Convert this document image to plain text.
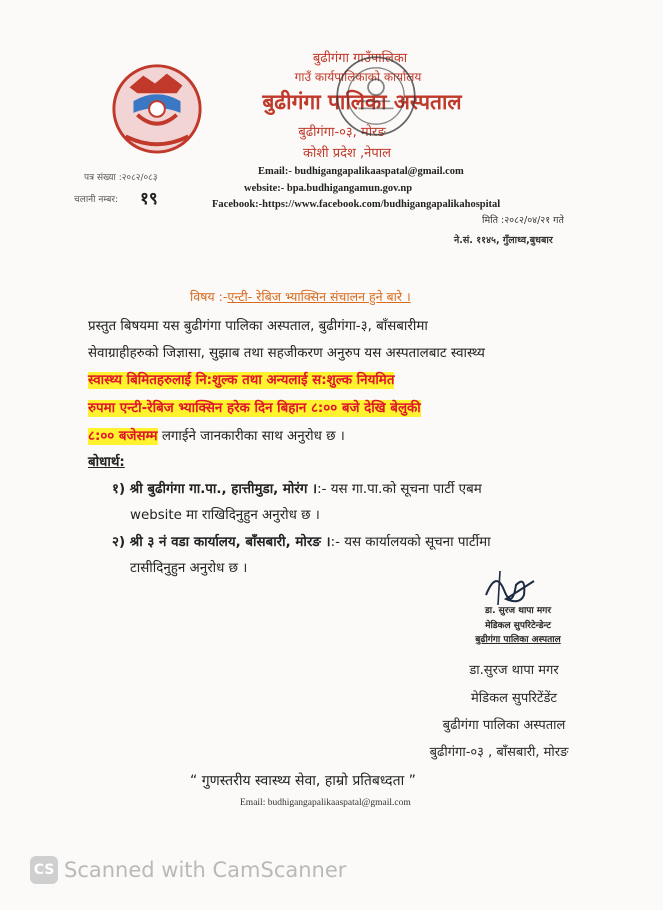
बुढीगंगा गाउँपालिका
गाउँ कार्यपालिकाको कार्यालय
बुढीगंगा पालिका अस्पताल
बुढीगंगा-०३, मोरङ
कोशी प्रदेश ,नेपाल
पत्र संख्या :२०८२/०८३
चलानी नम्बर: १९
Email:- budhigangapalikaaspatal@gmail.com
website:- bpa.budhigangamun.gov.np
Facebook:-https://www.facebook.com/budhigangapalikahospital
मिति :२०८२/०४/२१ गते
ने.सं. ११४५, गुँलाथ्व,बुधबार
विषय :-एन्टी- रेबिज भ्याक्सिन संचालन हुने बारे ।
प्रस्तुत बिषयमा यस बुढीगंगा पालिका अस्पताल, बुढीगंगा-३, बाँसबारीमा
सेवाग्राहीहरुको जिज्ञासा, सुझाब तथा सहजीकरण अनुरुप यस अस्पतालबाट स्वास्थ्य
स्वास्थ्य बिमितहरुलाई नि:शुल्क तथा अन्यलाई स:शुल्क नियमित
रुपमा एन्टी-रेबिज भ्याक्सिन हरेक दिन बिहान ८:०० बजे देखि बेलुकी
८:०० बजेसम्म लगाईने जानकारीका साथ अनुरोध छ ।
बोधार्थ:
१) श्री बुढीगंगा गा.पा., हात्तीमुडा, मोरंग ।:- यस गा.पा.को सूचना पार्टी एबम
website मा राखिदिनुहुन अनुरोध छ ।
२) श्री ३ नं वडा कार्यालय, बाँसबारी, मोरङ ।:- यस कार्यालयको सूचना पार्टीमा
टासीदिनुहुन अनुरोध छ ।
डा. सुरज थापा मगर
मेडिकल सुपरिटेन्डेन्ट
बुढीगंगा पालिका अस्पताल
डा.सुरज थापा मगर
मेडिकल सुपरिटेंडेंट
बुढीगंगा पालिका अस्पताल
बुढीगंगा-०३ , बाँसबारी, मोरङ
“ गुणस्तरीय स्वास्थ्य सेवा, हाम्रो प्रतिबध्दता ”
Email: budhigangapalikaaspatal@gmail.com
CS Scanned with CamScanner
